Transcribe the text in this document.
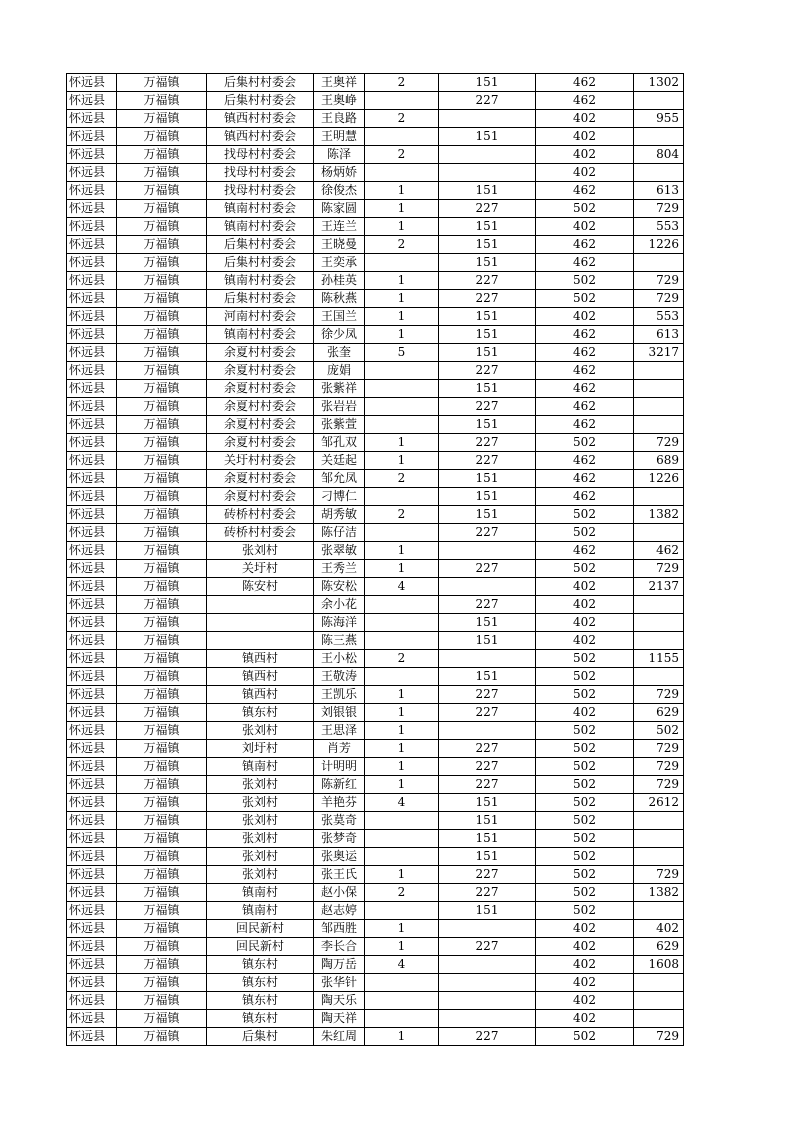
怀远县	万福镇	后集村村委会	王奥祥	2	151	462	1302
怀远县	万福镇	后集村村委会	王奥峥		227	462	
怀远县	万福镇	镇西村村委会	王良路	2		402	955
怀远县	万福镇	镇西村村委会	王明慧		151	402	
怀远县	万福镇	找母村村委会	陈泽	2		402	804
怀远县	万福镇	找母村村委会	杨炳娇			402	
怀远县	万福镇	找母村村委会	徐俊杰	1	151	462	613
怀远县	万福镇	镇南村村委会	陈家圆	1	227	502	729
怀远县	万福镇	镇南村村委会	王连兰	1	151	402	553
怀远县	万福镇	后集村村委会	王晓曼	2	151	462	1226
怀远县	万福镇	后集村村委会	王奕承		151	462	
怀远县	万福镇	镇南村村委会	孙桂英	1	227	502	729
怀远县	万福镇	后集村村委会	陈秋燕	1	227	502	729
怀远县	万福镇	河南村村委会	王国兰	1	151	402	553
怀远县	万福镇	镇南村村委会	徐少凤	1	151	462	613
怀远县	万福镇	余夏村村委会	张奎	5	151	462	3217
怀远县	万福镇	余夏村村委会	庞娟		227	462	
怀远县	万福镇	余夏村村委会	张紫祥		151	462	
怀远县	万福镇	余夏村村委会	张岩岩		227	462	
怀远县	万福镇	余夏村村委会	张紫萱		151	462	
怀远县	万福镇	余夏村村委会	邹孔双	1	227	502	729
怀远县	万福镇	关圩村村委会	关廷起	1	227	462	689
怀远县	万福镇	余夏村村委会	邹允凤	2	151	462	1226
怀远县	万福镇	余夏村村委会	刁博仁		151	462	
怀远县	万福镇	砖桥村村委会	胡秀敏	2	151	502	1382
怀远县	万福镇	砖桥村村委会	陈仔洁		227	502	
怀远县	万福镇	张刘村	张翠敏	1		462	462
怀远县	万福镇	关圩村	王秀兰	1	227	502	729
怀远县	万福镇	陈安村	陈安松	4		402	2137
怀远县	万福镇		余小花		227	402	
怀远县	万福镇		陈海洋		151	402	
怀远县	万福镇		陈三燕		151	402	
怀远县	万福镇	镇西村	王小松	2		502	1155
怀远县	万福镇	镇西村	王敬涛		151	502	
怀远县	万福镇	镇西村	王凯乐	1	227	502	729
怀远县	万福镇	镇东村	刘银银	1	227	402	629
怀远县	万福镇	张刘村	王思泽	1		502	502
怀远县	万福镇	刘圩村	肖芳	1	227	502	729
怀远县	万福镇	镇南村	计明明	1	227	502	729
怀远县	万福镇	张刘村	陈新红	1	227	502	729
怀远县	万福镇	张刘村	羊艳芬	4	151	502	2612
怀远县	万福镇	张刘村	张莫奇		151	502	
怀远县	万福镇	张刘村	张梦奇		151	502	
怀远县	万福镇	张刘村	张奥运		151	502	
怀远县	万福镇	张刘村	张王氏	1	227	502	729
怀远县	万福镇	镇南村	赵小保	2	227	502	1382
怀远县	万福镇	镇南村	赵志婷		151	502	
怀远县	万福镇	回民新村	邹西胜	1		402	402
怀远县	万福镇	回民新村	李长合	1	227	402	629
怀远县	万福镇	镇东村	陶万岳	4		402	1608
怀远县	万福镇	镇东村	张华针			402	
怀远县	万福镇	镇东村	陶天乐			402	
怀远县	万福镇	镇东村	陶天祥			402	
怀远县	万福镇	后集村	朱红周	1	227	502	729
